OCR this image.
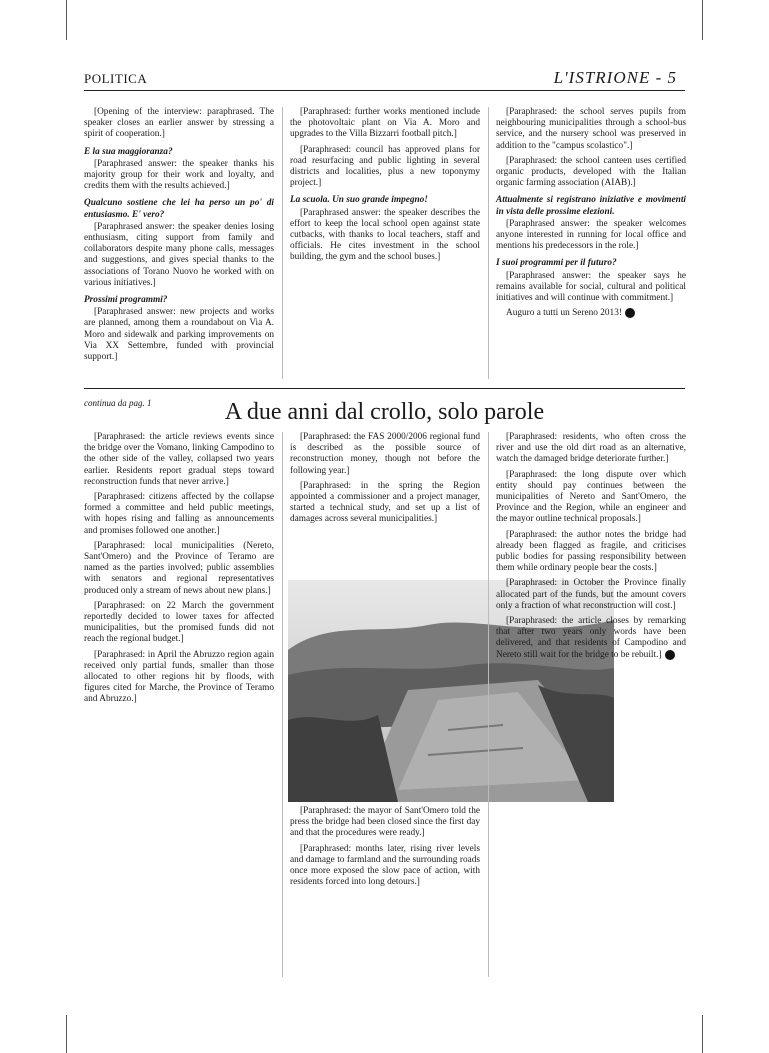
POLITICA	L'ISTRIONE - 5

[Opening of the interview: paraphrased. The speaker closes an earlier answer by stressing a spirit of cooperation.]

E la sua maggioranza?

[Paraphrased answer: the speaker thanks his majority group for their work and loyalty, and credits them with the results achieved.]

Qualcuno sostiene che lei ha perso un po' di entusiasmo. E' vero?

[Paraphrased answer: the speaker denies losing enthusiasm, citing support from family and collaborators despite many phone calls, messages and suggestions, and gives special thanks to the associations of Torano Nuovo he worked with on various initiatives.]

Prossimi programmi?

[Paraphrased answer: new projects and works are planned, among them a roundabout on Via A. Moro and sidewalk and parking improvements on Via XX Settembre, funded with provincial support.]

[Paraphrased: further works mentioned include the photovoltaic plant on Via A. Moro and upgrades to the Villa Bizzarri football pitch.]

[Paraphrased: council has approved plans for road resurfacing and public lighting in several districts and localities, plus a new toponymy project.]

La scuola. Un suo grande impegno!

[Paraphrased answer: the speaker describes the effort to keep the local school open against state cutbacks, with thanks to local teachers, staff and officials. He cites investment in the school building, the gym and the school buses.]

[Paraphrased: the school serves pupils from neighbouring municipalities through a school-bus service, and the nursery school was preserved in addition to the "campus scolastico".]

[Paraphrased: the school canteen uses certified organic products, developed with the Italian organic farming association (AIAB).]

Attualmente si registrano iniziative e movimenti in vista delle prossime elezioni.

[Paraphrased answer: the speaker welcomes anyone interested in running for local office and mentions his predecessors in the role.]

I suoi programmi per il futuro?

[Paraphrased answer: the speaker says he remains available for social, cultural and political initiatives and will continue with commitment.]

Auguro a tutti un Sereno 2013!

continua da pag. 1	A due anni dal crollo, solo parole

[Paraphrased: the article reviews events since the bridge over the Vomano, linking Campodino to the other side of the valley, collapsed two years earlier. Residents report gradual steps toward reconstruction funds that never arrive.]

[Paraphrased: citizens affected by the collapse formed a committee and held public meetings, with hopes rising and falling as announcements and promises followed one another.]

[Paraphrased: local municipalities (Nereto, Sant'Omero) and the Province of Teramo are named as the parties involved; public assemblies with senators and regional representatives produced only a stream of news about new plans.]

[Paraphrased: on 22 March the government reportedly decided to lower taxes for affected municipalities, but the promised funds did not reach the regional budget.]

[Paraphrased: in April the Abruzzo region again received only partial funds, smaller than those allocated to other regions hit by floods, with figures cited for Marche, the Province of Teramo and Abruzzo.]

[Paraphrased: the FAS 2000/2006 regional fund is described as the possible source of reconstruction money, though not before the following year.]

[Paraphrased: in the spring the Region appointed a commissioner and a project manager, started a technical study, and set up a list of damages across several municipalities.]

[Paraphrased: the mayor of Sant'Omero told the press the bridge had been closed since the first day and that the procedures were ready.]

[Paraphrased: months later, rising river levels and damage to farmland and the surrounding roads once more exposed the slow pace of action, with residents forced into long detours.]

[Paraphrased: residents, who often cross the river and use the old dirt road as an alternative, watch the damaged bridge deteriorate further.]

[Paraphrased: the long dispute over which entity should pay continues between the municipalities of Nereto and Sant'Omero, the Province and the Region, while an engineer and the mayor outline technical proposals.]

[Paraphrased: the author notes the bridge had already been flagged as fragile, and criticises public bodies for passing responsibility between them while ordinary people bear the costs.]

[Paraphrased: in October the Province finally allocated part of the funds, but the amount covers only a fraction of what reconstruction will cost.]

[Paraphrased: the article closes by remarking that after two years only words have been delivered, and that residents of Campodino and Nereto still wait for the bridge to be rebuilt.]
